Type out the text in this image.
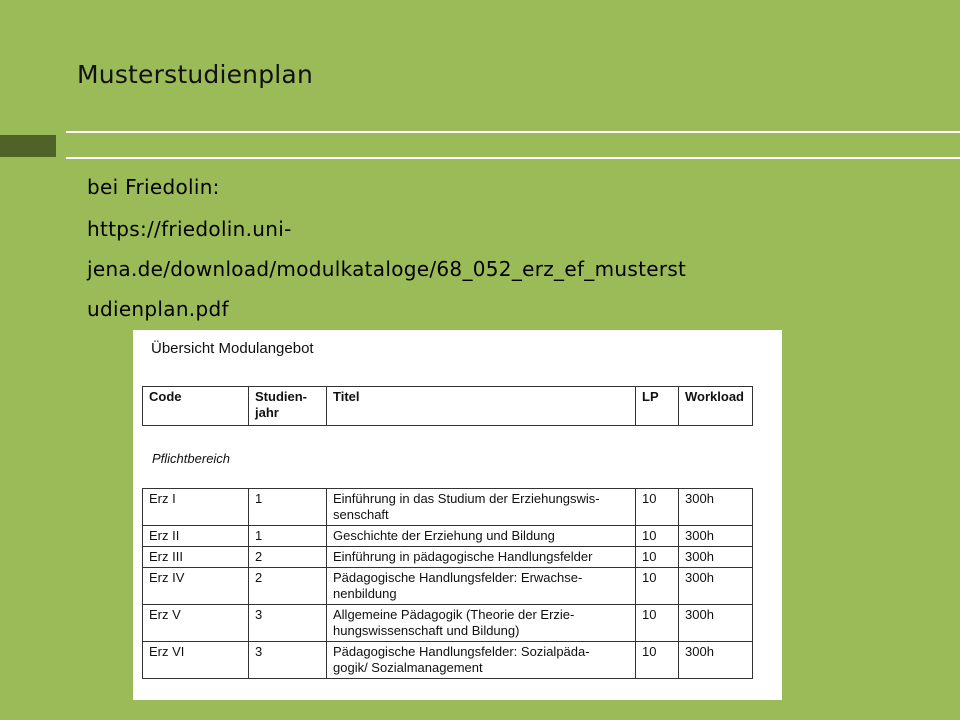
Musterstudienplan
bei Friedolin:
https://friedolin.uni-
jena.de/download/modulkataloge/68_052_erz_ef_musterst
udienplan.pdf
Übersicht Modulangebot
Code	Studien-
jahr	Titel	LP	Workload
Pflichtbereich
Erz I	1	Einführung in das Studium der Erziehungswis-
senschaft	10	300h
Erz II	1	Geschichte der Erziehung und Bildung	10	300h
Erz III	2	Einführung in pädagogische Handlungsfelder	10	300h
Erz IV	2	Pädagogische Handlungsfelder: Erwachse-
nenbildung	10	300h
Erz V	3	Allgemeine Pädagogik (Theorie der Erzie-
hungswissenschaft und Bildung)	10	300h
Erz VI	3	Pädagogische Handlungsfelder: Sozialpäda-
gogik/ Sozialmanagement	10	300h
